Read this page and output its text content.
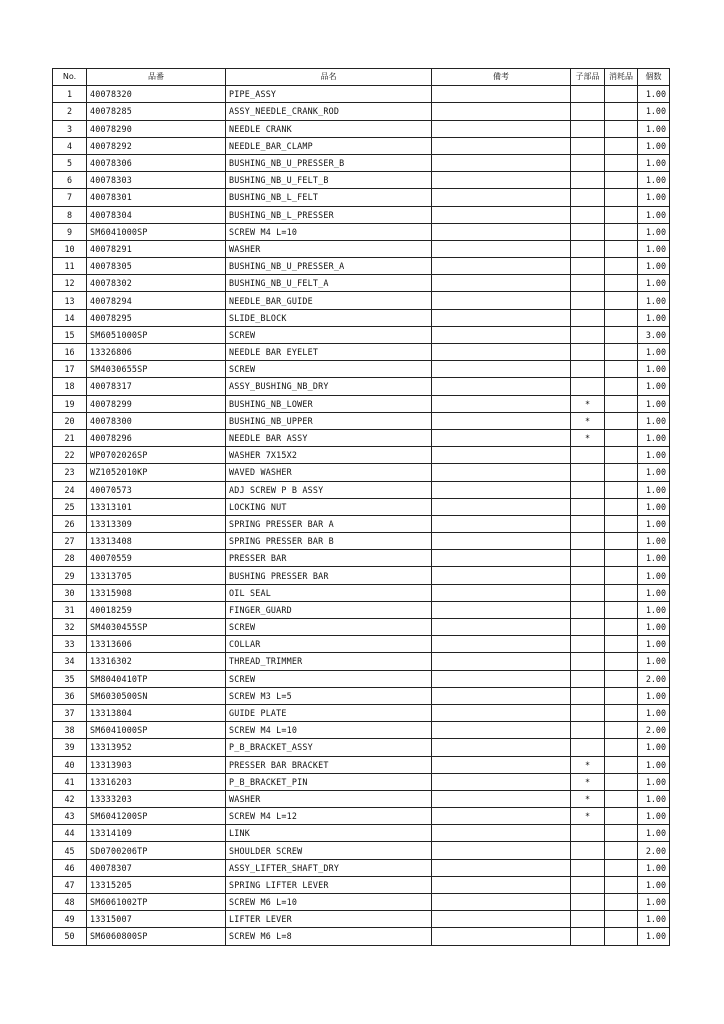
No.	品番	品名	備考	子部品	消耗品	個数
1	40078320	PIPE_ASSY				1.00
2	40078285	ASSY_NEEDLE_CRANK_ROD				1.00
3	40078290	NEEDLE CRANK				1.00
4	40078292	NEEDLE_BAR_CLAMP				1.00
5	40078306	BUSHING_NB_U_PRESSER_B				1.00
6	40078303	BUSHING_NB_U_FELT_B				1.00
7	40078301	BUSHING_NB_L_FELT				1.00
8	40078304	BUSHING_NB_L_PRESSER				1.00
9	SM6041000SP	SCREW M4 L=10				1.00
10	40078291	WASHER				1.00
11	40078305	BUSHING_NB_U_PRESSER_A				1.00
12	40078302	BUSHING_NB_U_FELT_A				1.00
13	40078294	NEEDLE_BAR_GUIDE				1.00
14	40078295	SLIDE_BLOCK				1.00
15	SM6051000SP	SCREW				3.00
16	13326806	NEEDLE BAR EYELET				1.00
17	SM4030655SP	SCREW				1.00
18	40078317	ASSY_BUSHING_NB_DRY				1.00
19	40078299	BUSHING_NB_LOWER		*		1.00
20	40078300	BUSHING_NB_UPPER		*		1.00
21	40078296	NEEDLE BAR ASSY		*		1.00
22	WP0702026SP	WASHER 7X15X2				1.00
23	WZ1052010KP	WAVED WASHER				1.00
24	40070573	ADJ SCREW P B ASSY				1.00
25	13313101	LOCKING NUT				1.00
26	13313309	SPRING PRESSER BAR A				1.00
27	13313408	SPRING PRESSER BAR B				1.00
28	40070559	PRESSER BAR				1.00
29	13313705	BUSHING PRESSER BAR				1.00
30	13315908	OIL SEAL				1.00
31	40018259	FINGER_GUARD				1.00
32	SM4030455SP	SCREW				1.00
33	13313606	COLLAR				1.00
34	13316302	THREAD_TRIMMER				1.00
35	SM8040410TP	SCREW				2.00
36	SM6030500SN	SCREW M3 L=5				1.00
37	13313804	GUIDE PLATE				1.00
38	SM6041000SP	SCREW M4 L=10				2.00
39	13313952	P_B_BRACKET_ASSY				1.00
40	13313903	PRESSER BAR BRACKET		*		1.00
41	13316203	P_B_BRACKET_PIN		*		1.00
42	13333203	WASHER		*		1.00
43	SM6041200SP	SCREW M4 L=12		*		1.00
44	13314109	LINK				1.00
45	SD0700206TP	SHOULDER SCREW				2.00
46	40078307	ASSY_LIFTER_SHAFT_DRY				1.00
47	13315205	SPRING LIFTER LEVER				1.00
48	SM6061002TP	SCREW M6 L=10				1.00
49	13315007	LIFTER LEVER				1.00
50	SM6060800SP	SCREW M6 L=8				1.00
